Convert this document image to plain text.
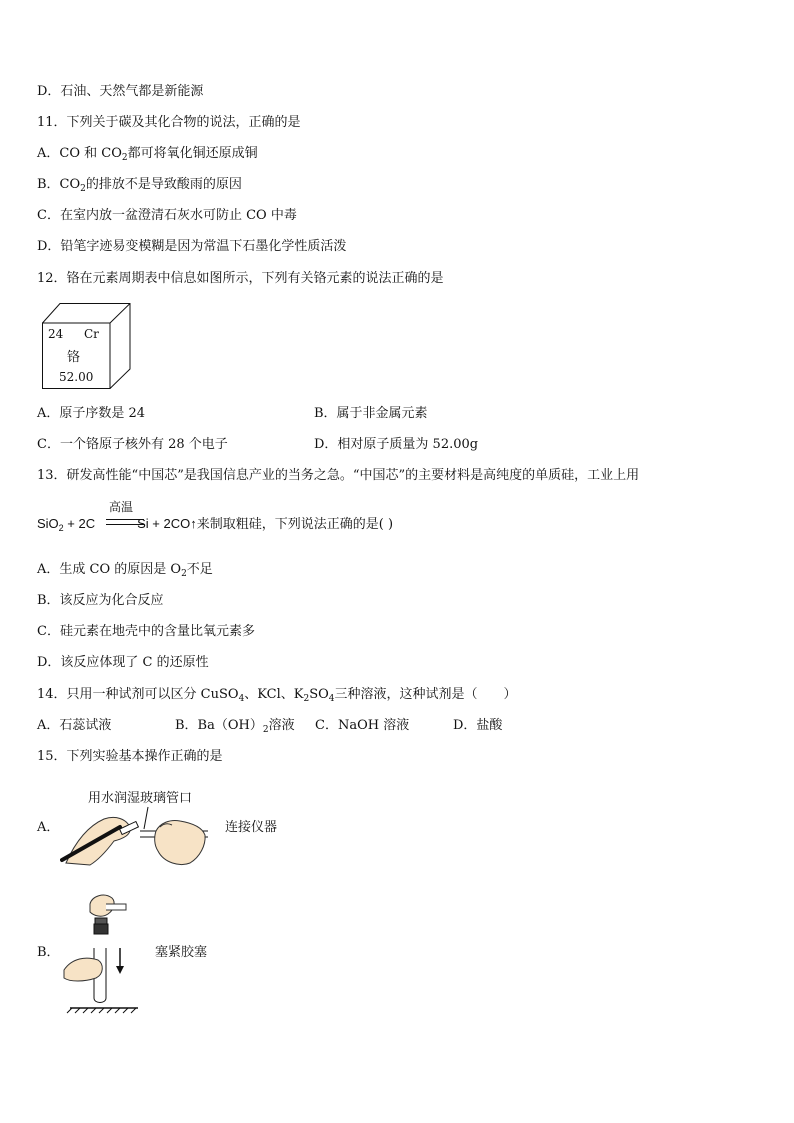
D．石油、天然气都是新能源
11．下列关于碳及其化合物的说法，正确的是
A．CO 和 $CO_2$都可将氧化铜还原成铜
B．$CO_2$的排放不是导致酸雨的原因
C．在室内放一盆澄清石灰水可防止 CO 中毒
D．铅笔字迹易变模糊是因为常温下石墨化学性质活泼
12．铬在元素周期表中信息如图所示，下列有关铬元素的说法正确的是
24 Cr
铬
52.00
A．原子序数是 24	B．属于非金属元素
C．一个铬原子核外有 28 个电子	D．相对原子质量为 52.00g
13．研发高性能“中国芯”是我国信息产业的当务之急。“中国芯”的主要材料是高纯度的单质硅，工业上用
高温
SiO$_2$ + 2C	Si + 2CO↑来制取粗硅，下列说法正确的是( )
A．生成 CO 的原因是 $O_2$不足
B．该反应为化合反应
C．硅元素在地壳中的含量比氧元素多
D．该反应体现了 C 的还原性
14．只用一种试剂可以区分 CuSO$_4$、KCl、$K_2SO_4$三种溶液，这种试剂是（　　）
A．石蕊试液	B．$Ba(OH)_2$溶液 C．NaOH 溶液	D．盐酸
15．下列实验基本操作正确的是
用水润湿玻璃管口
A．	连接仪器
B．	塞紧胶塞
